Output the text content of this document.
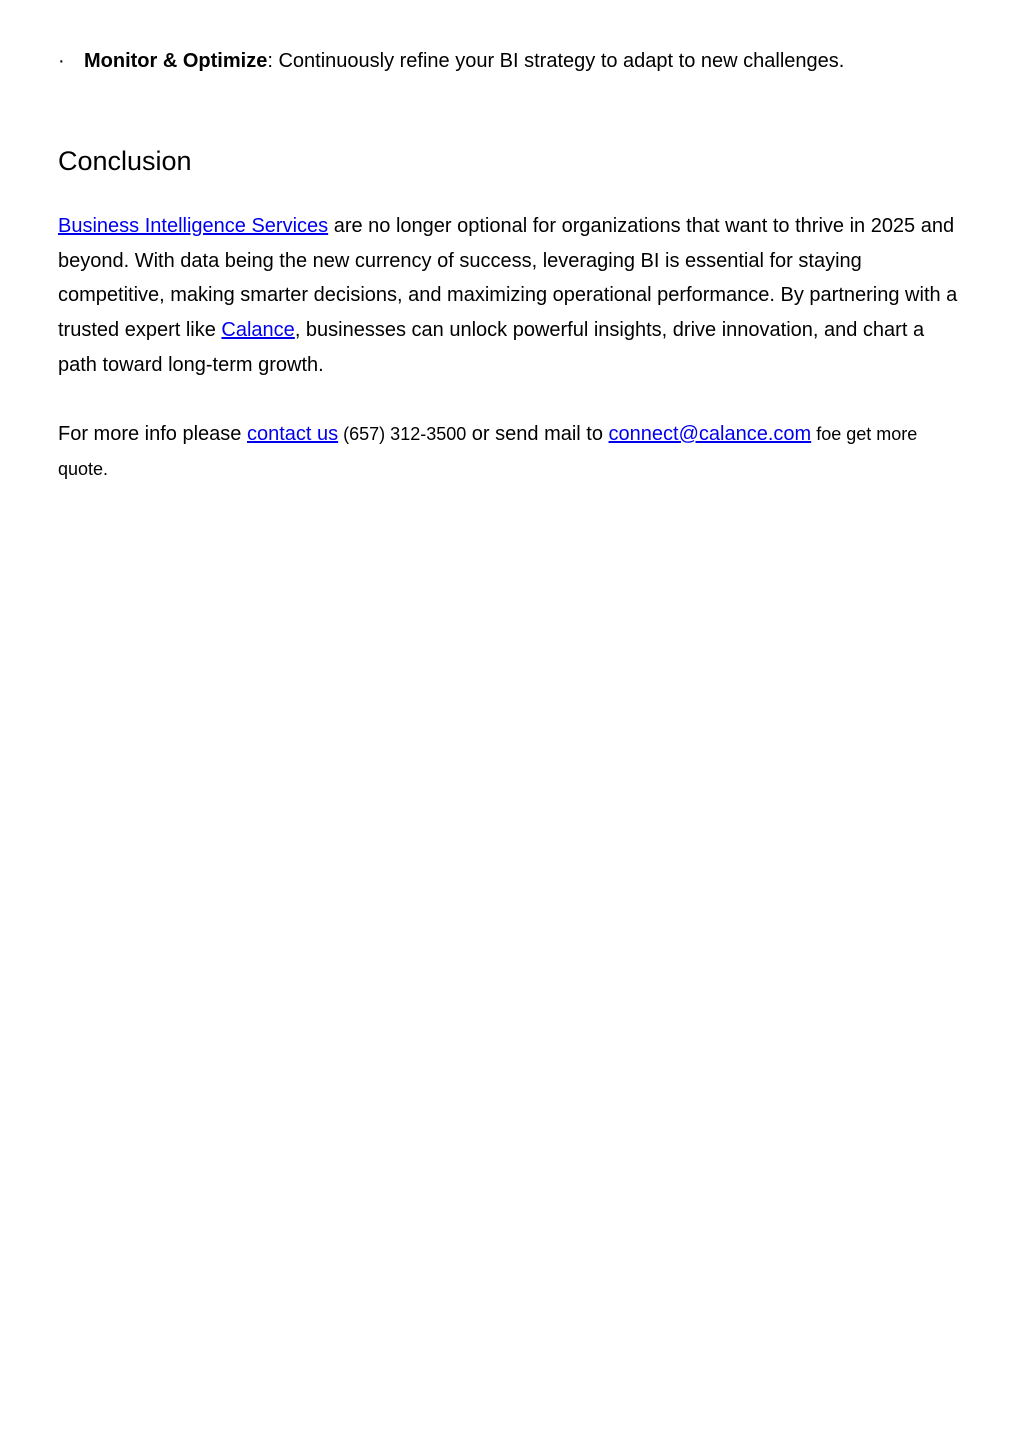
· Monitor & Optimize: Continuously refine your BI strategy to adapt to new challenges.
Conclusion

Business Intelligence Services are no longer optional for organizations that want to thrive in 2025 and beyond. With data being the new currency of success, leveraging BI is essential for staying competitive, making smarter decisions, and maximizing operational performance. By partnering with a trusted expert like Calance, businesses can unlock powerful insights, drive innovation, and chart a path toward long-term growth.

For more info please contact us (657) 312-3500 or send mail to connect@calance.com foe get more quote.
